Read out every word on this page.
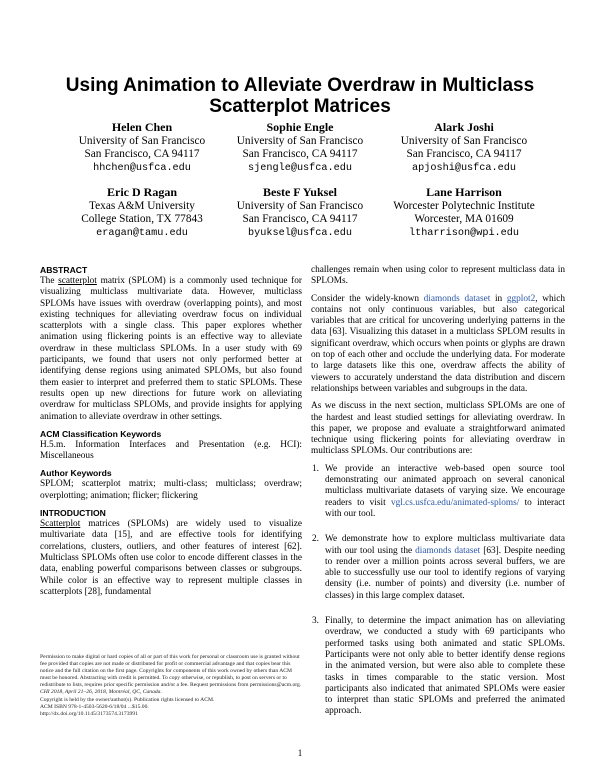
Using Animation to Alleviate Overdraw in Multiclass
Scatterplot Matrices
Helen Chen
University of San Francisco
San Francisco, CA 94117
hhchen@usfca.edu
Sophie Engle
University of San Francisco
San Francisco, CA 94117
sjengle@usfca.edu
Alark Joshi
University of San Francisco
San Francisco, CA 94117
apjoshi@usfca.edu
Eric D Ragan
Texas A&M University
College Station, TX 77843
eragan@tamu.edu
Beste F Yuksel
University of San Francisco
San Francisco, CA 94117
byuksel@usfca.edu
Lane Harrison
Worcester Polytechnic Institute
Worcester, MA 01609
ltharrison@wpi.edu
ABSTRACT

The scatterplot matrix (SPLOM) is a commonly used technique for visualizing multiclass multivariate data. However, multiclass SPLOMs have issues with overdraw (overlapping points), and most existing techniques for alleviating overdraw focus on individual scatterplots with a single class. This paper explores whether animation using flickering points is an effective way to alleviate overdraw in these multiclass SPLOMs. In a user study with 69 participants, we found that users not only performed better at identifying dense regions using animated SPLOMs, but also found them easier to interpret and preferred them to static SPLOMs. These results open up new directions for future work on alleviating overdraw for multiclass SPLOMs, and provide insights for applying animation to alleviate overdraw in other settings.

ACM Classification Keywords

H.5.m. Information Interfaces and Presentation (e.g. HCI): Miscellaneous

Author Keywords

SPLOM; scatterplot matrix; multi-class; multiclass; overdraw; overplotting; animation; flicker; flickering

INTRODUCTION

Scatterplot matrices (SPLOMs) are widely used to visualize multivariate data [15], and are effective tools for identifying correlations, clusters, outliers, and other features of interest [62]. Multiclass SPLOMs often use color to encode different classes in the data, enabling powerful comparisons between classes or subgroups. While color is an effective way to represent multiple classes in scatterplots [28], fundamental

Permission to make digital or hard copies of all or part of this work for personal or classroom use is granted without fee provided that copies are not made or distributed for profit or commercial advantage and that copies bear this notice and the full citation on the first page. Copyrights for components of this work owned by others than ACM must be honored. Abstracting with credit is permitted. To copy otherwise, or republish, to post on servers or to redistribute to lists, requires prior specific permission and/or a fee. Request permissions from permissions@acm.org.

CHI 2018, April 21–26, 2018, Montréal, QC, Canada.

Copyright is held by the owner/author(s). Publication rights licensed to ACM.

ACM ISBN 978-1-4503-5620-6/18/04 ...$15.00.

http://dx.doi.org/10.1145/3173574.3173991

challenges remain when using color to represent multiclass data in SPLOMs.

Consider the widely-known diamonds dataset in ggplot2, which contains not only continuous variables, but also categorical variables that are critical for uncovering underlying patterns in the data [63]. Visualizing this dataset in a multiclass SPLOM results in significant overdraw, which occurs when points or glyphs are drawn on top of each other and occlude the underlying data. For moderate to large datasets like this one, overdraw affects the ability of viewers to accurately understand the data distribution and discern relationships between variables and subgroups in the data.

As we discuss in the next section, multiclass SPLOMs are one of the hardest and least studied settings for alleviating overdraw. In this paper, we propose and evaluate a straightforward animated technique using flickering points for alleviating overdraw in multiclass SPLOMs. Our contributions are:

1. We provide an interactive web-based open source tool demonstrating our animated approach on several canonical multiclass multivariate datasets of varying size. We encourage readers to visit vgl.cs.usfca.edu/animated-sploms/ to interact with our tool.
2. We demonstrate how to explore multiclass multivariate data with our tool using the diamonds dataset [63]. Despite needing to render over a million points across several buffers, we are able to successfully use our tool to identify regions of varying density (i.e. number of points) and diversity (i.e. number of classes) in this large complex dataset.
3. Finally, to determine the impact animation has on alleviating overdraw, we conducted a study with 69 participants who performed tasks using both animated and static SPLOMs. Participants were not only able to better identify dense regions in the animated version, but were also able to complete these tasks in times comparable to the static version. Most participants also indicated that animated SPLOMs were easier to interpret than static SPLOMs and preferred the animated approach.
1
